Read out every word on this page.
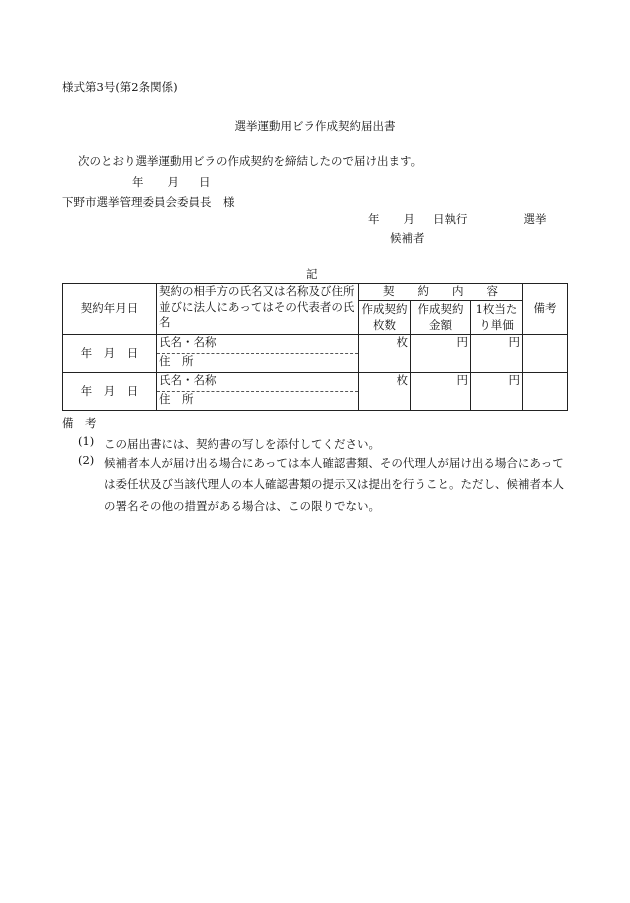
様式第3号(第2条関係)
選挙運動用ビラ作成契約届出書
次のとおり選挙運動用ビラの作成契約を締結したので届け出ます。
年 月 日
下野市選挙管理委員会委員長　様
年 月 日執行	選挙
候補者
記
契約年月日	契約の相手方の氏名又は名称及び住所並びに法人にあってはその代表者の氏名	契　　約　　内　　容			備考
		作成契約枚数	作成契約金額	1枚当たり単価	
年　月　日	氏名・名称	枚	円	円	
	住　所				
年　月　日	氏名・名称	枚	円	円	
	住　所				
備　考
(1) この届出書には、契約書の写しを添付してください。
(2) 候補者本人が届け出る場合にあっては本人確認書類、その代理人が届け出る場合にあっては委任状及び当該代理人の本人確認書類の提示又は提出を行うこと。ただし、候補者本人の署名その他の措置がある場合は、この限りでない。
